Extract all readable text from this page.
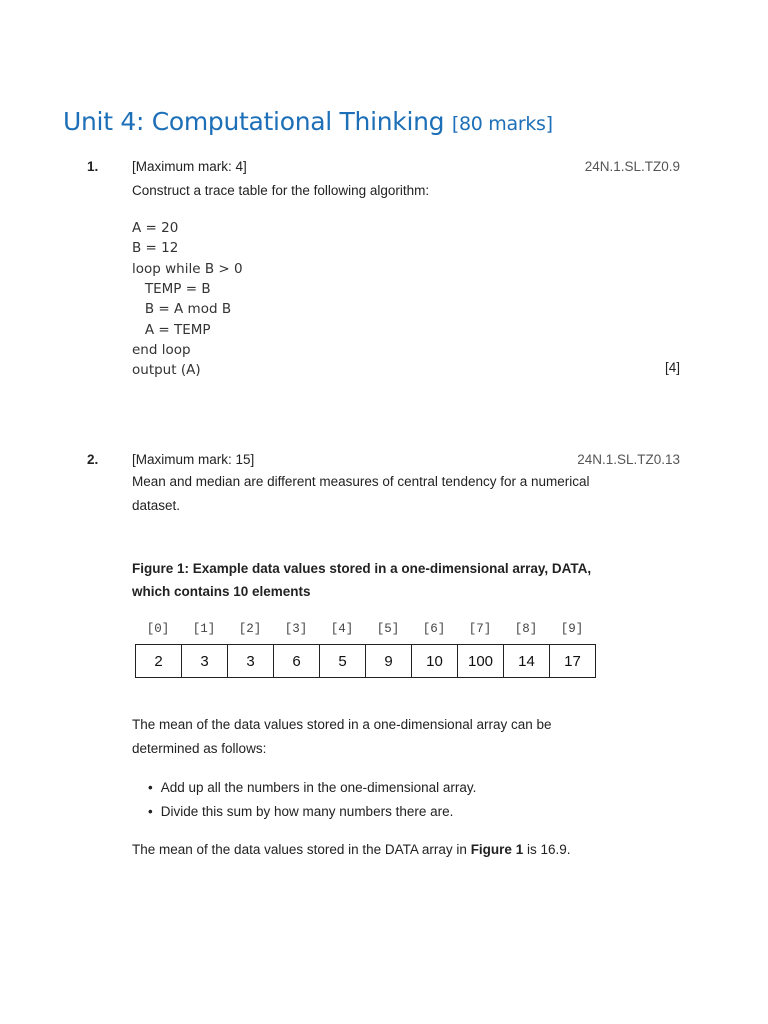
Unit 4: Computational Thinking [80 marks]
1. [Maximum mark: 4]	24N.1.SL.TZ0.9
Construct a trace table for the following algorithm:
A = 20
B = 12
loop while B > 0
TEMP = B
B = A mod B
A = TEMP
end loop
output (A)	[4]
2. [Maximum mark: 15]	24N.1.SL.TZ0.13
Mean and median are different measures of central tendency for a numerical dataset.
Figure 1: Example data values stored in a one-dimensional array, DATA, which contains 10 elements
[0]	[1]	[2]	[3]	[4]	[5]	[6]	[7]	[8]	[9]
2	3	3	6	5	9	10	100	14	17
The mean of the data values stored in a one-dimensional array can be determined as follows:
• Add up all the numbers in the one-dimensional array.
• Divide this sum by how many numbers there are.
The mean of the data values stored in the DATA array in Figure 1 is 16.9.
